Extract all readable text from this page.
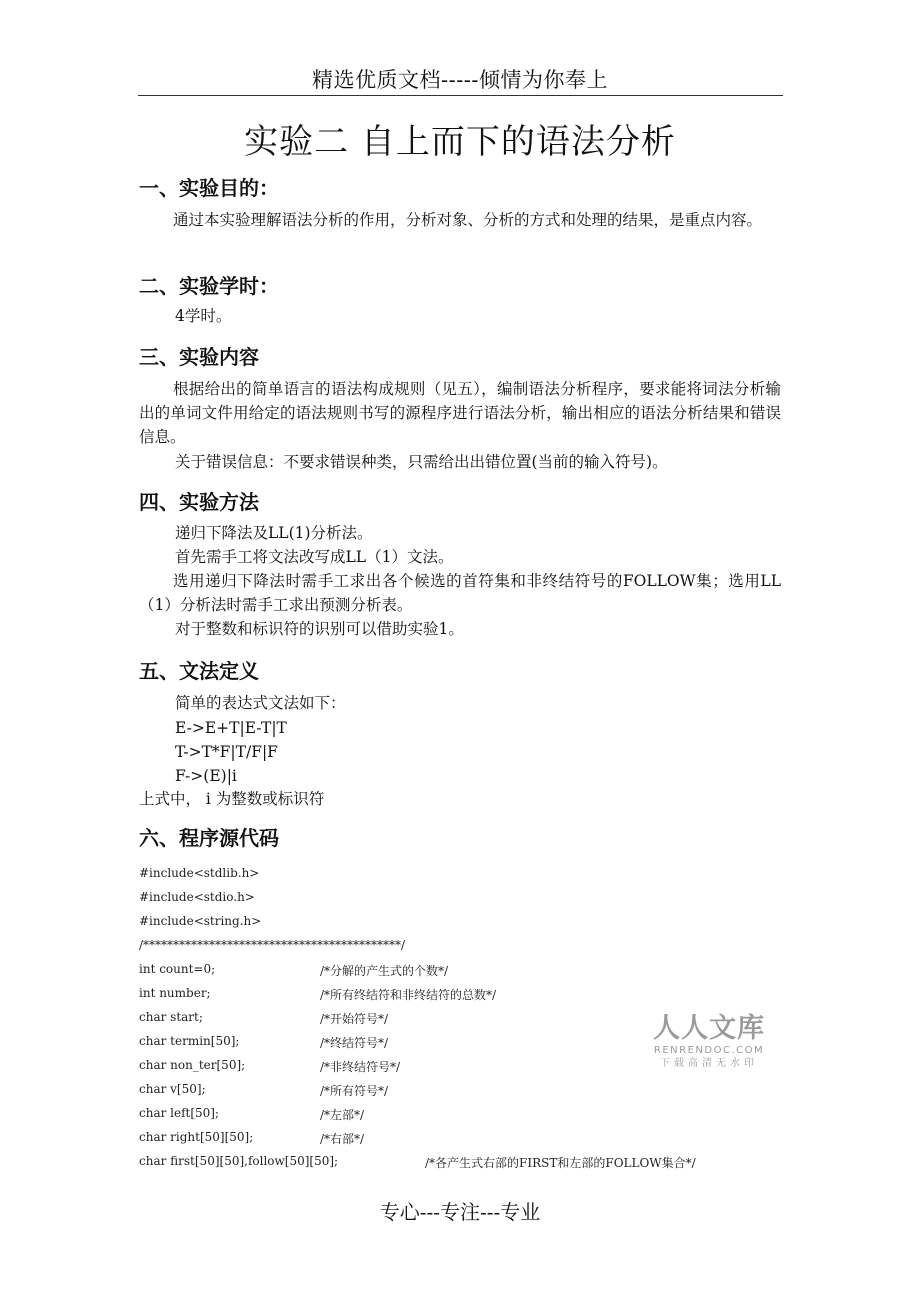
精选优质文档-----倾情为你奉上
实验二 自上而下的语法分析
一、实验目的：
通过本实验理解语法分析的作用，分析对象、分析的方式和处理的结果，是重点内容。
二、实验学时：
4学时。
三、实验内容
根据给出的简单语言的语法构成规则（见五），编制语法分析程序，要求能将词法分析输出的单词文件用给定的语法规则书写的源程序进行语法分析，输出相应的语法分析结果和错误信息。
关于错误信息：不要求错误种类，只需给出出错位置(当前的输入符号)。
四、实验方法
递归下降法及LL(1)分析法。
首先需手工将文法改写成LL（1）文法。
选用递归下降法时需手工求出各个候选的首符集和非终结符号的FOLLOW集；选用LL（1）分析法时需手工求出预测分析表。
对于整数和标识符的识别可以借助实验1。
五、文法定义
简单的表达式文法如下：
E->E+T|E-T|T
T->T*F|T/F|F
F->(E)|i
上式中， i 为整数或标识符
六、程序源代码
#include<stdlib.h>
#include<stdio.h>
#include<string.h>
/*******************************************/
int count=0;	/*分解的产生式的个数*/
int number;	/*所有终结符和非终结符的总数*/
char start;	/*开始符号*/
char termin[50];	/*终结符号*/
char non_ter[50];	/*非终结符号*/
char v[50];	/*所有符号*/
char left[50];	/*左部*/
char right[50][50];	/*右部*/
char first[50][50],follow[50][50];	/*各产生式右部的FIRST和左部的FOLLOW集合*/
人人文库
RENRENDOC.COM
下载高清无水印
专心---专注---专业
